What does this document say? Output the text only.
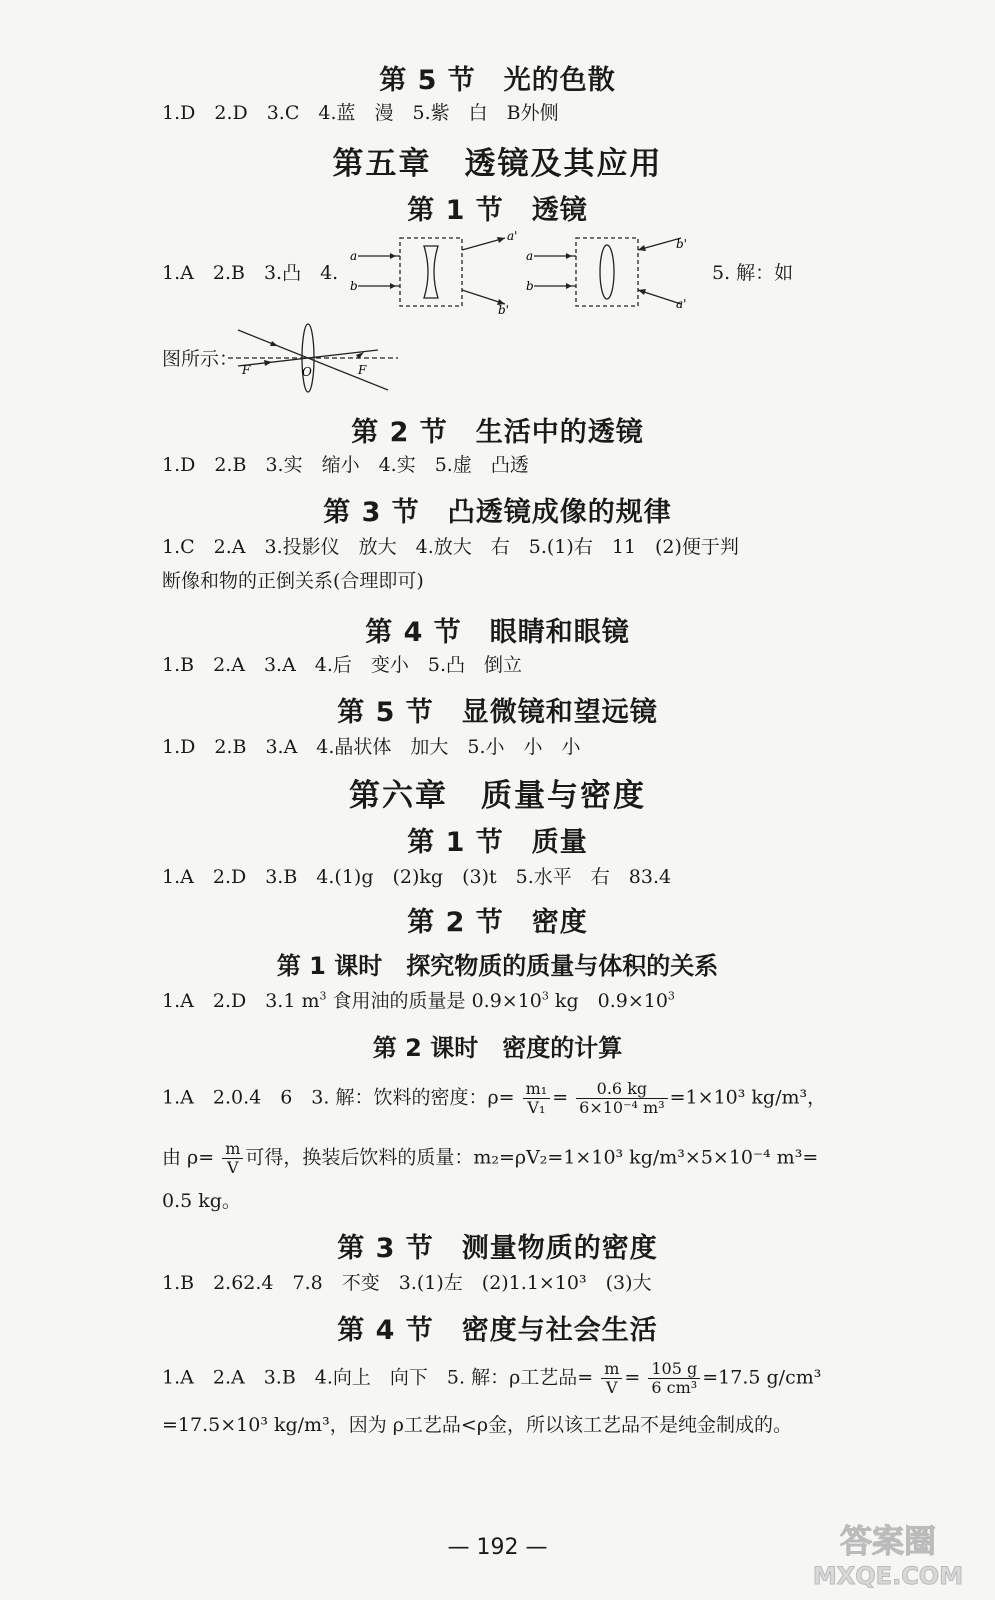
第 5 节　光的色散
1.D　2.D　3.C　4.蓝　漫　5.紫　白　B外侧
第五章　透镜及其应用
第 1 节　透镜
1.A　2.B　3.凸　4.
a
b
a'
b'
a
b
b'
a'
5. 解：如
图所示： F	O	F
第 2 节　生活中的透镜
1.D　2.B　3.实　缩小　4.实　5.虚　凸透
第 3 节　凸透镜成像的规律
1.C　2.A　3.投影仪　放大　4.放大　右　5.(1)右　11　(2)便于判
断像和物的正倒关系(合理即可)
第 4 节　眼睛和眼镜
1.B　2.A　3.A　4.后　变小　5.凸　倒立
第 5 节　显微镜和望远镜
1.D　2.B　3.A　4.晶状体　加大　5.小　小　小
第六章　质量与密度
第 1 节　质量
1.A　2.D　3.B　4.(1)g　(2)kg　(3)t　5.水平　右　83.4
第 2 节　密度
第 1 课时　探究物质的质量与体积的关系
1.A　2.D　3.1 $m^3$ 食用油的质量是 $0.9\times 10^3$ kg　$0.9\times 10^3$
第 2 课时　密度的计算
1.A　2.0.4　6　3. 解：饮料的密度：$\rho= \frac{\text{m₁}}{\text{V₁}} = \frac{0.6 kg}{\text{6×10⁻⁴ m³}} =1\times 10^3$ kg/m³，
由 $\rho= \frac{m}{V}$ 可得，换装后饮料的质量：m₂=ρV₂=1×10³ kg/m³×5×10⁻⁴ m³=
0.5 kg。
第 3 节　测量物质的密度
1.B　2.62.4　7.8　不变　3.(1)左　(2)1.1×10³　(3)大
第 4 节　密度与社会生活
1.A　2.A　3.B　4.向上　向下　5. 解：ρ工艺品= $\frac{m}{V} = \frac{105 g}{\text{6 cm³}} =17.5$ g/cm³
=17.5×10³ kg/m³，因为 ρ工艺品<ρ金，所以该工艺品不是纯金制成的。
— 192 —	答案圈
MXQE.COM
